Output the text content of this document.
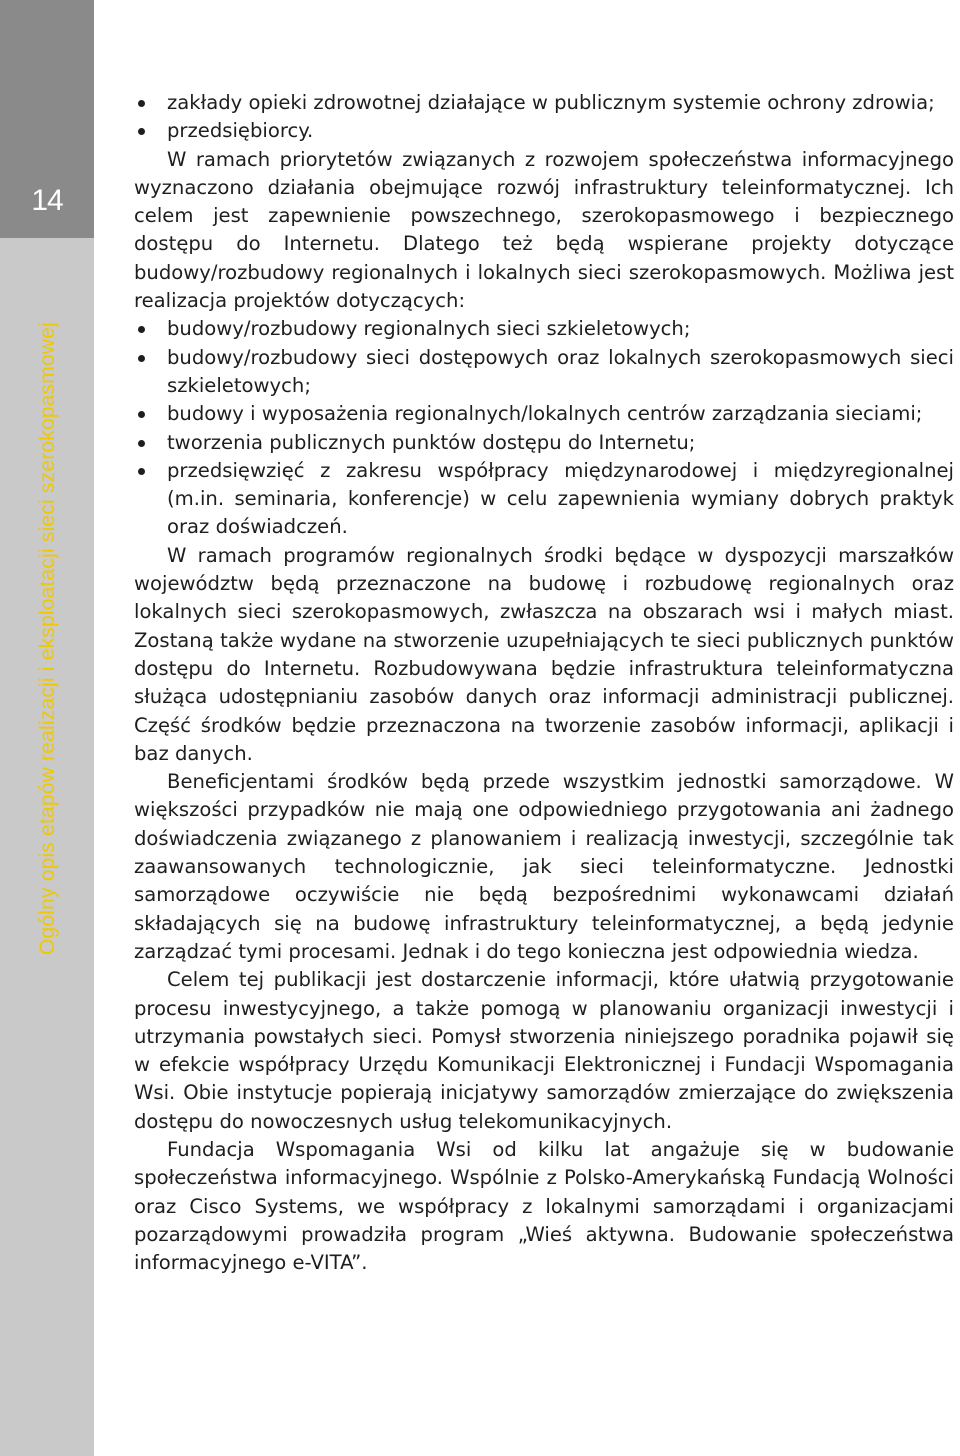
14
Ogólny opis etapów realizacji i eksploatacji sieci szerokopasmowej
zakłady opieki zdrowotnej działające w publicznym systemie ochrony zdrowia;
przedsiębiorcy.

W ramach priorytetów związanych z rozwojem społeczeństwa informacyjnego wyznaczono działania obejmujące rozwój infrastruktury teleinformatycznej. Ich celem jest zapewnienie powszechnego, szerokopasmowego i bezpiecznego dostępu do Internetu. Dlatego też będą wspierane projekty dotyczące budowy/rozbudowy regionalnych i lokalnych sieci szerokopasmowych. Możliwa jest realizacja projektów dotyczących:

budowy/rozbudowy regionalnych sieci szkieletowych;
budowy/rozbudowy sieci dostępowych oraz lokalnych szerokopasmowych sieci szkieletowych;
budowy i wyposażenia regionalnych/lokalnych centrów zarządzania sieciami;
tworzenia publicznych punktów dostępu do Internetu;
przedsięwzięć z zakresu współpracy międzynarodowej i międzyregionalnej (m.in. seminaria, konferencje) w celu zapewnienia wymiany dobrych praktyk oraz doświadczeń.

W ramach programów regionalnych środki będące w dyspozycji marszałków województw będą przeznaczone na budowę i rozbudowę regionalnych oraz lokalnych sieci szerokopasmowych, zwłaszcza na obszarach wsi i małych miast. Zostaną także wydane na stworzenie uzupełniających te sieci publicznych punktów dostępu do Internetu. Rozbudowywana będzie infrastruktura teleinformatyczna służąca udostępnianiu zasobów danych oraz informacji administracji publicznej. Część środków będzie przeznaczona na tworzenie zasobów informacji, aplikacji i baz danych.

Beneficjentami środków będą przede wszystkim jednostki samorządowe. W większości przypadków nie mają one odpowiedniego przygotowania ani żadnego doświadczenia związanego z planowaniem i realizacją inwestycji, szczególnie tak zaawansowanych technologicznie, jak sieci teleinformatyczne. Jednostki samorządowe oczywiście nie będą bezpośrednimi wykonawcami działań składających się na budowę infrastruktury teleinformatycznej, a będą jedynie zarządzać tymi procesami. Jednak i do tego konieczna jest odpowiednia wiedza.

Celem tej publikacji jest dostarczenie informacji, które ułatwią przygotowanie procesu inwestycyjnego, a także pomogą w planowaniu organizacji inwestycji i utrzymania powstałych sieci. Pomysł stworzenia niniejszego poradnika pojawił się w efekcie współpracy Urzędu Komunikacji Elektronicznej i Fundacji Wspomagania Wsi. Obie instytucje popierają inicjatywy samorządów zmierzające do zwiększenia dostępu do nowoczesnych usług telekomunikacyjnych.

Fundacja Wspomagania Wsi od kilku lat angażuje się w budowanie społeczeństwa informacyjnego. Wspólnie z Polsko-Amerykańską Fundacją Wolności oraz Cisco Systems, we współpracy z lokalnymi samorządami i organizacjami pozarządowymi prowadziła program „Wieś aktywna. Budowanie społeczeństwa informacyjnego e-VITA”.
